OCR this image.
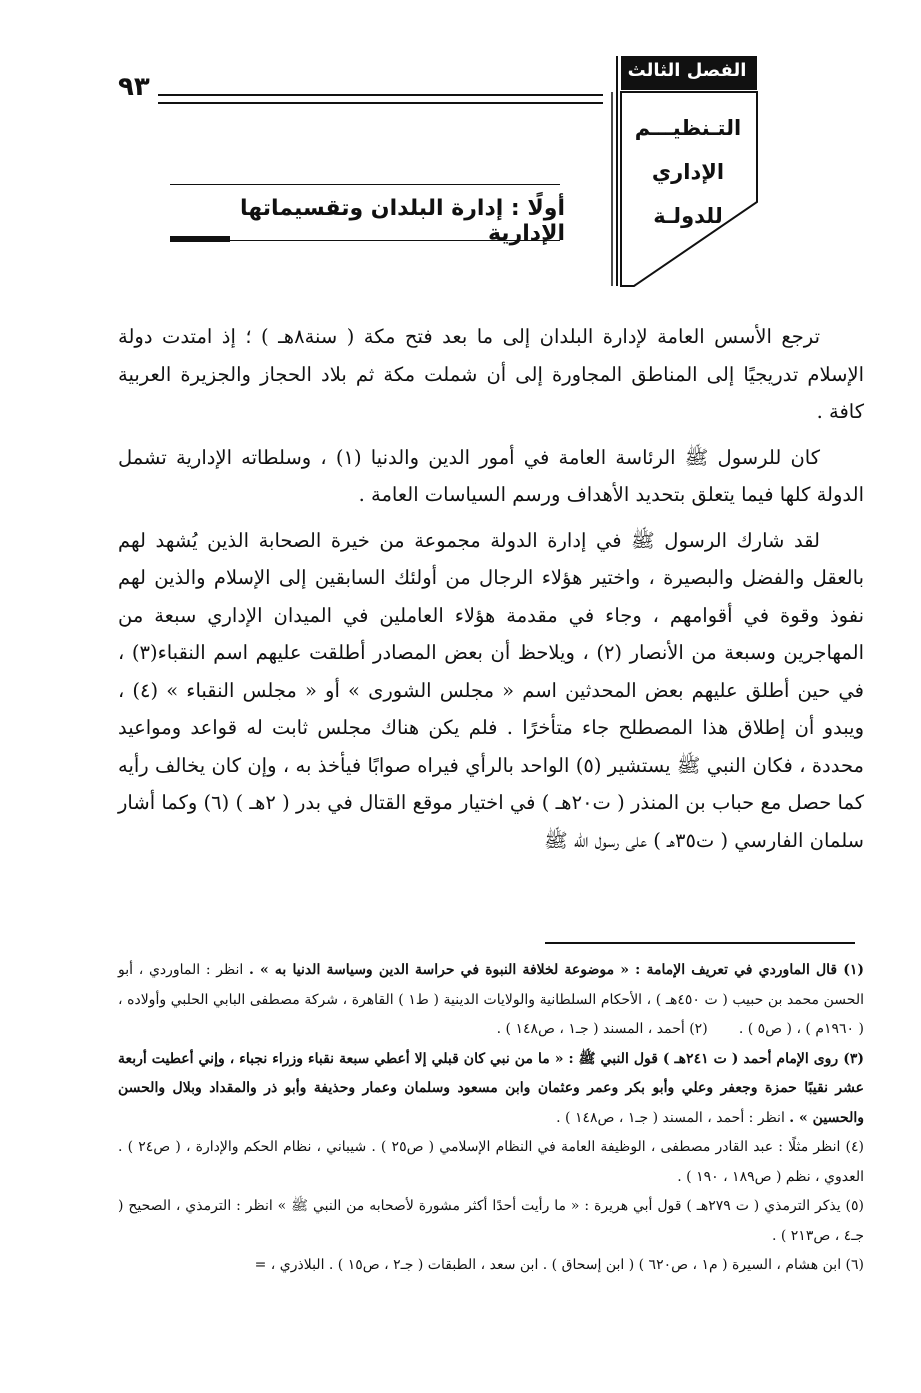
٩٣
الفصل الثالث
التـنظيـــم
الإداري للدولـة
أولًا : إدارة البلدان وتقسيماتها الإدارية

ترجع الأسس العامة لإدارة البلدان إلى ما بعد فتح مكة ( سنة٨هـ ) ؛ إذ امتدت دولة الإسلام تدريجيًا إلى المناطق المجاورة إلى أن شملت مكة ثم بلاد الحجاز والجزيرة العربية كافة .

كان للرسول ﷺ الرئاسة العامة في أمور الدين والدنيا (١) ، وسلطاته الإدارية تشمل الدولة كلها فيما يتعلق بتحديد الأهداف ورسم السياسات العامة .

لقد شارك الرسول ﷺ في إدارة الدولة مجموعة من خيرة الصحابة الذين يُشهد لهم بالعقل والفضل والبصيرة ، واختير هؤلاء الرجال من أولئك السابقين إلى الإسلام والذين لهم نفوذ وقوة في أقوامهم ، وجاء في مقدمة هؤلاء العاملين في الميدان الإداري سبعة من المهاجرين وسبعة من الأنصار (٢) ، ويلاحظ أن بعض المصادر أطلقت عليهم اسم النقباء(٣) ، في حين أطلق عليهم بعض المحدثين اسم « مجلس الشورى » أو « مجلس النقباء » (٤) ، ويبدو أن إطلاق هذا المصطلح جاء متأخرًا . فلم يكن هناك مجلس ثابت له قواعد ومواعيد محددة ، فكان النبي ﷺ يستشير (٥) الواحد بالرأي فيراه صوابًا فيأخذ به ، وإن كان يخالف رأيه كما حصل مع حباب بن المنذر ( ت٢٠هـ ) في اختيار موقع القتال في بدر ( ٢هـ ) (٦) وكما أشار سلمان الفارسي ( ت٣٥هـ ) على رسول الله ﷺ

(١) قال الماوردي في تعريف الإمامة : « موضوعة لخلافة النبوة في حراسة الدين وسياسة الدنيا به » . انظر : الماوردي ، أبو الحسن محمد بن حبيب ( ت ٤٥٠هـ ) ، الأحكام السلطانية والولايات الدينية ( ط١ ) القاهرة ، شركة مصطفى البابي الحلبي وأولاده ، ( ١٩٦٠م ) ، ( ص٥ ) .       (٢) أحمد ، المسند ( جـ١ ، ص١٤٨ ) .

(٣) روى الإمام أحمد ( ت ٢٤١هـ ) قول النبي ﷺ : « ما من نبي كان قبلي إلا أعطي سبعة نقباء وزراء نجباء ، وإني أعطيت أربعة عشر نقيبًا حمزة وجعفر وعلي وأبو بكر وعمر وعثمان وابن مسعود وسلمان وعمار وحذيفة وأبو ذر والمقداد وبلال والحسن والحسين » . انظر : أحمد ، المسند ( جـ١ ، ص١٤٨ ) .

(٤) انظر مثلًا : عبد القادر مصطفى ، الوظيفة العامة في النظام الإسلامي ( ص٢٥ ) . شيباني ، نظام الحكم والإدارة ، ( ص٢٤ ) . العدوي ، نظم ( ص١٨٩ ، ١٩٠ ) .

(٥) يذكر الترمذي ( ت ٢٧٩هـ ) قول أبي هريرة : « ما رأيت أحدًا أكثر مشورة لأصحابه من النبي ﷺ » انظر : الترمذي ، الصحيح ( جـ٤ ، ص٢١٣ ) .

(٦) ابن هشام ، السيرة ( م١ ، ص٦٢٠ ) ( ابن إسحاق ) . ابن سعد ، الطبقات ( جـ٢ ، ص١٥ ) . البلاذري ، =
